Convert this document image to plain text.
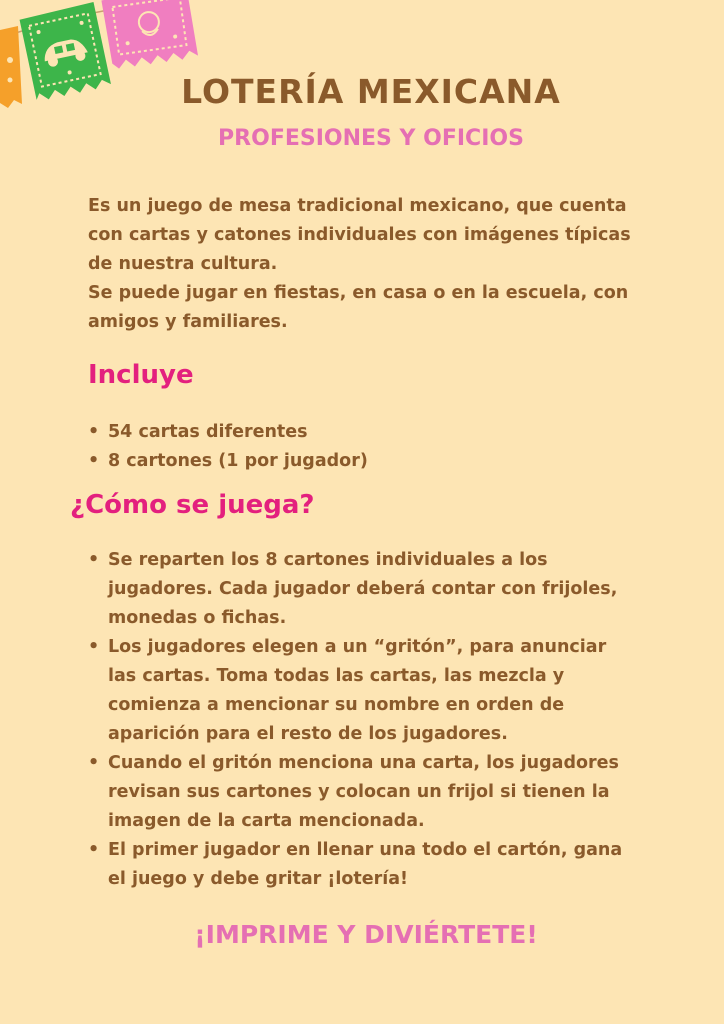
LOTERÍA MEXICANA
PROFESIONES Y OFICIOS

Es un juego de mesa tradicional mexicano, que cuenta con cartas y catones individuales con imágenes típicas de nuestra cultura.

Se puede jugar en fiestas, en casa o en la escuela, con amigos y familiares.

Incluye
• 54 cartas diferentes
• 8 cartones (1 por jugador)
¿Cómo se juega?
• Se reparten los 8 cartones individuales a los jugadores. Cada jugador deberá contar con frijoles, monedas o fichas.
• Los jugadores elegen a un “gritón”, para anunciar las cartas. Toma todas las cartas, las mezcla y comienza a mencionar su nombre en orden de aparición para el resto de los jugadores.
• Cuando el gritón menciona una carta, los jugadores revisan sus cartones y colocan un frijol si tienen la imagen de la carta mencionada.
• El primer jugador en llenar una todo el cartón, gana el juego y debe gritar ¡lotería!
¡IMPRIME Y DIVIÉRTETE!
